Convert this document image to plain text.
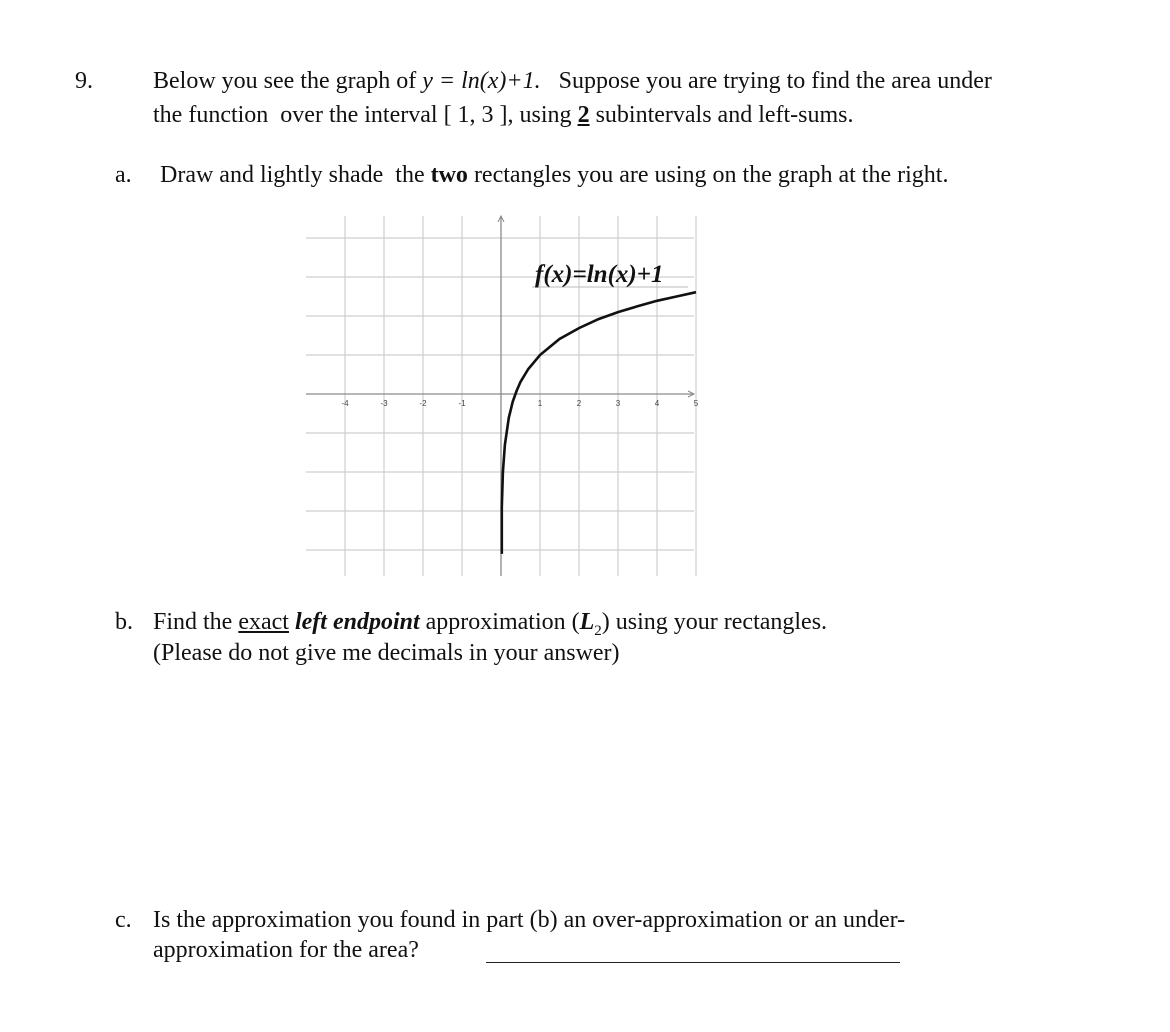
9.	Below you see the graph of y = ln(x)+1.   Suppose you are trying to find the area under
the function  over the interval [ 1, 3 ], using 2 subintervals and left-sums.
a. Draw and lightly shade  the two rectangles you are using on the graph at the right.
-4	-3	-2	-1	1	2	3	4	5
f(x)=ln(x)+1
b. Find the exact left endpoint approximation $(L_2)$ using your rectangles.
(Please do not give me decimals in your answer)
c. Is the approximation you found in part (b) an over-approximation or an under-
approximation for the area?
